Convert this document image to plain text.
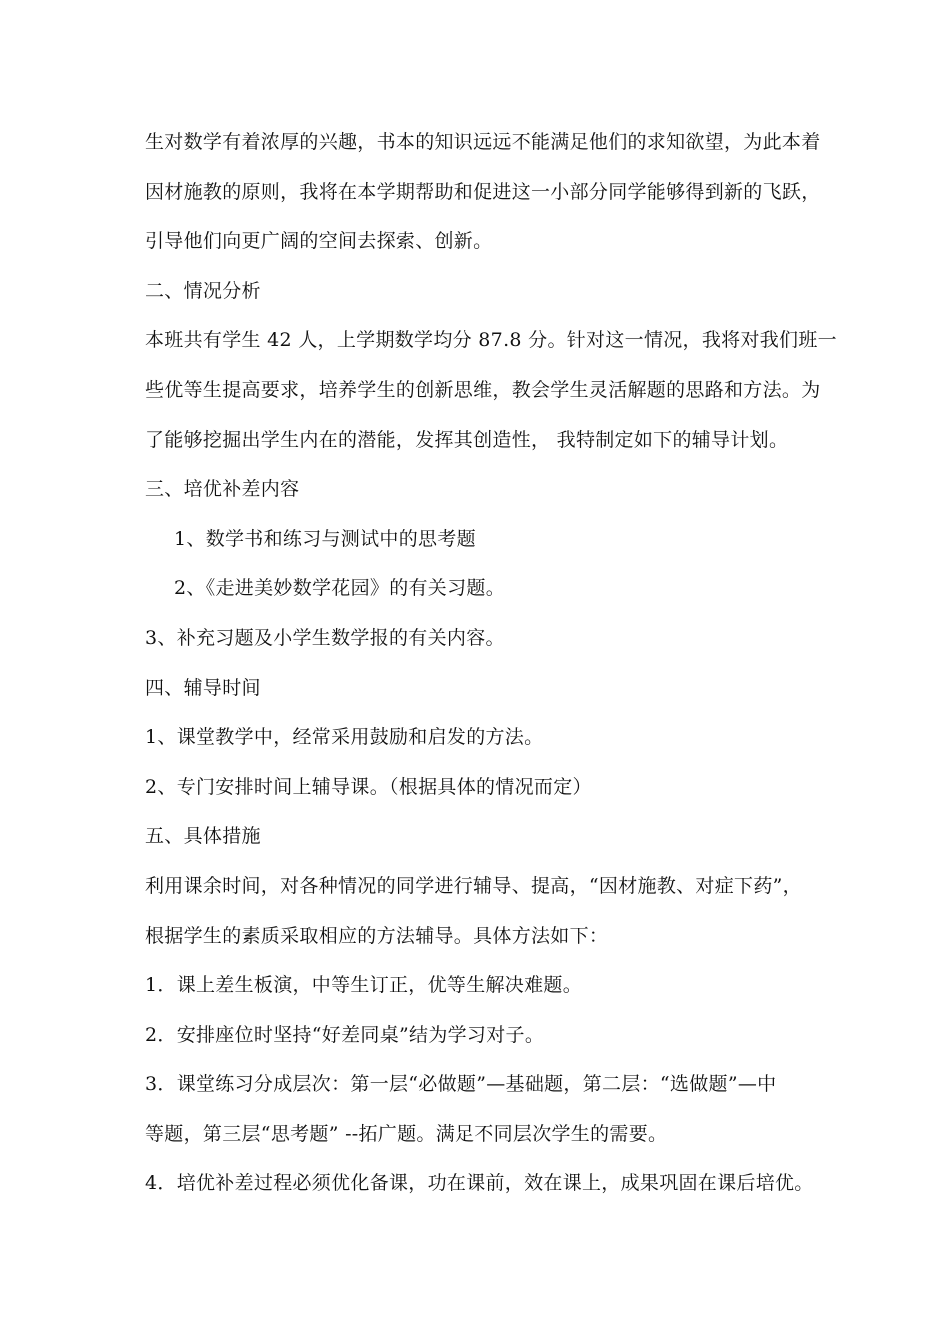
生对数学有着浓厚的兴趣，书本的知识远远不能满足他们的求知欲望，为此本着
因材施教的原则，我将在本学期帮助和促进这一小部分同学能够得到新的飞跃，
引导他们向更广阔的空间去探索、创新。
二、情况分析
本班共有学生 42 人，上学期数学均分 87.8 分。针对这一情况，我将对我们班一
些优等生提高要求，培养学生的创新思维，教会学生灵活解题的思路和方法。为
了能够挖掘出学生内在的潜能，发挥其创造性， 我特制定如下的辅导计划。
三、培优补差内容
1、数学书和练习与测试中的思考题
2、《走进美妙数学花园》的有关习题。
3、补充习题及小学生数学报的有关内容。
四、辅导时间
1、课堂教学中，经常采用鼓励和启发的方法。
2、专门安排时间上辅导课。（根据具体的情况而定）
五、具体措施
利用课余时间，对各种情况的同学进行辅导、提高，“因材施教、对症下药”，
根据学生的素质采取相应的方法辅导。具体方法如下：
1．课上差生板演，中等生订正，优等生解决难题。
2．安排座位时坚持“好差同桌”结为学习对子。
3．课堂练习分成层次：第一层“必做题”—基础题，第二层：“选做题”—中
等题，第三层“思考题” --拓广题。满足不同层次学生的需要。
4．培优补差过程必须优化备课，功在课前，效在课上，成果巩固在课后培优。
